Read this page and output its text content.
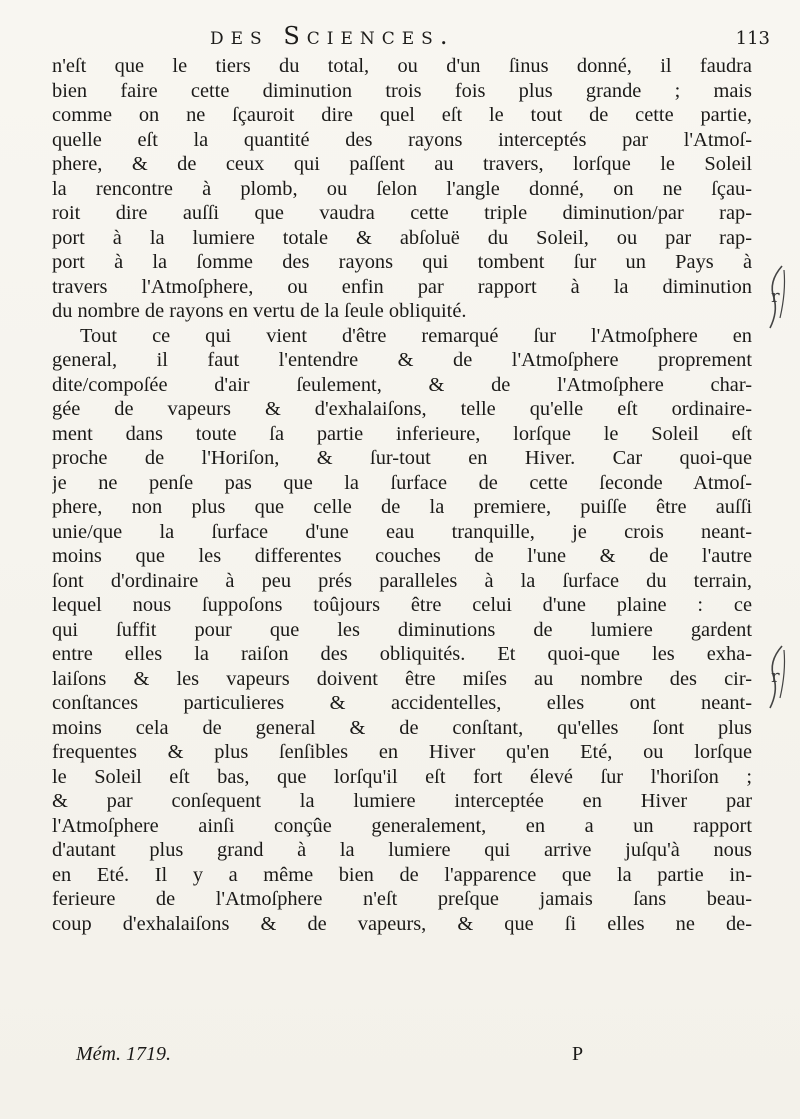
des Sciences.	113
n'eſt que le tiers du total, ou d'un ſinus donné, il faudra
bien faire cette diminution trois fois plus grande ; mais
comme on ne ſçauroit dire quel eſt le tout de cette partie,
quelle eſt la quantité des rayons interceptés par l'Atmoſ-
phere, & de ceux qui paſſent au travers, lorſque le Soleil
la rencontre à plomb, ou ſelon l'angle donné, on ne ſçau-
roit dire auſſi que vaudra cette triple diminution/par rap-
port à la lumiere totale & abſoluë du Soleil, ou par rap-
port à la ſomme des rayons qui tombent ſur un Pays à
travers l'Atmoſphere, ou enfin par rapport à la diminution
du nombre de rayons en vertu de la ſeule obliquité.
Tout ce qui vient d'être remarqué ſur l'Atmoſphere en
general, il faut l'entendre & de l'Atmoſphere proprement
dite/compoſée d'air ſeulement, & de l'Atmoſphere char-
gée de vapeurs & d'exhalaiſons, telle qu'elle eſt ordinaire-
ment dans toute ſa partie inferieure, lorſque le Soleil eſt
proche de l'Horiſon, & ſur-tout en Hiver. Car quoi-que
je ne penſe pas que la ſurface de cette ſeconde Atmoſ-
phere, non plus que celle de la premiere, puiſſe être auſſi
unie/que la ſurface d'une eau tranquille, je crois neant-
moins que les differentes couches de l'une & de l'autre
ſont d'ordinaire à peu prés paralleles à la ſurface du terrain,
lequel nous ſuppoſons toûjours être celui d'une plaine : ce
qui ſuffit pour que les diminutions de lumiere gardent
entre elles la raiſon des obliquités. Et quoi-que les exha-
laiſons & les vapeurs doivent être miſes au nombre des cir-
conſtances particulieres & accidentelles, elles ont neant-
moins cela de general & de conſtant, qu'elles ſont plus
frequentes & plus ſenſibles en Hiver qu'en Eté, ou lorſque
le Soleil eſt bas, que lorſqu'il eſt fort élevé ſur l'horiſon ;
& par conſequent la lumiere interceptée en Hiver par
l'Atmoſphere ainſi conçûe generalement, en a un rapport
d'autant plus grand à la lumiere qui arrive juſqu'à nous
en Eté. Il y a même bien de l'apparence que la partie in-
ferieure de l'Atmoſphere n'eſt preſque jamais ſans beau-
coup d'exhalaiſons & de vapeurs, & que ſi elles ne de-
Mém. 1719.	P
r
r
